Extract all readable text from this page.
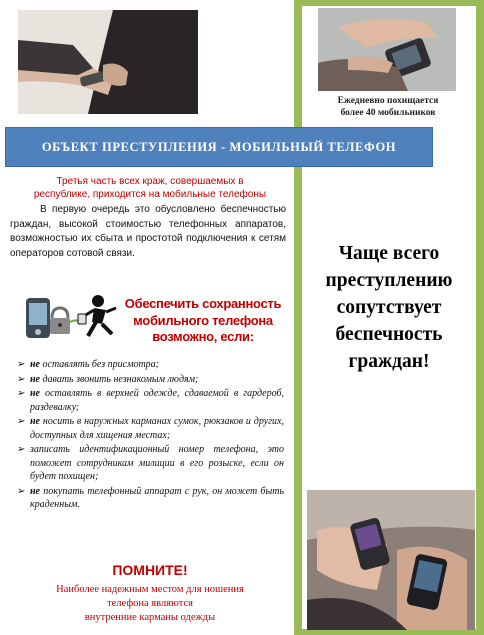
Ежедневно похищается
более 40 мобильников
ОБЪЕКТ ПРЕСТУПЛЕНИЯ - МОБИЛЬНЫЙ ТЕЛЕФОН
Третья часть всех краж, совершаемых в
республике, приходится на мобильные телефоны

В первую очередь это обусловлено беспечностью граждан, высокой стоимостью телефонных аппаратов, возможностью их сбыта и простотой подключения к сетям операторов сотовой связи.	Чаще всего
преступлению
сопутствует
беспечность
граждан!
Обеспечить сохранность
мобильного телефона
возможно, если:
➢ не оставлять без присмотра;
➢ не давать звонить незнакомым людям;
➢ не оставлять в верхней одежде, сдаваемой в гардероб, раздевалку;
➢ не носить в наружных карманах сумок, рюкзаков и других, доступных для хищения местах;
➢ записать идентификационный номер телефона, это поможет сотрудникам милиции в его розыске, если он будет похищен;
➢ не покупать телефонный аппарат с рук, он может быть краденным.
ПОМНИТЕ!
Наиболее надежным местом для ношения
телефона являются
внутренние карманы одежды
